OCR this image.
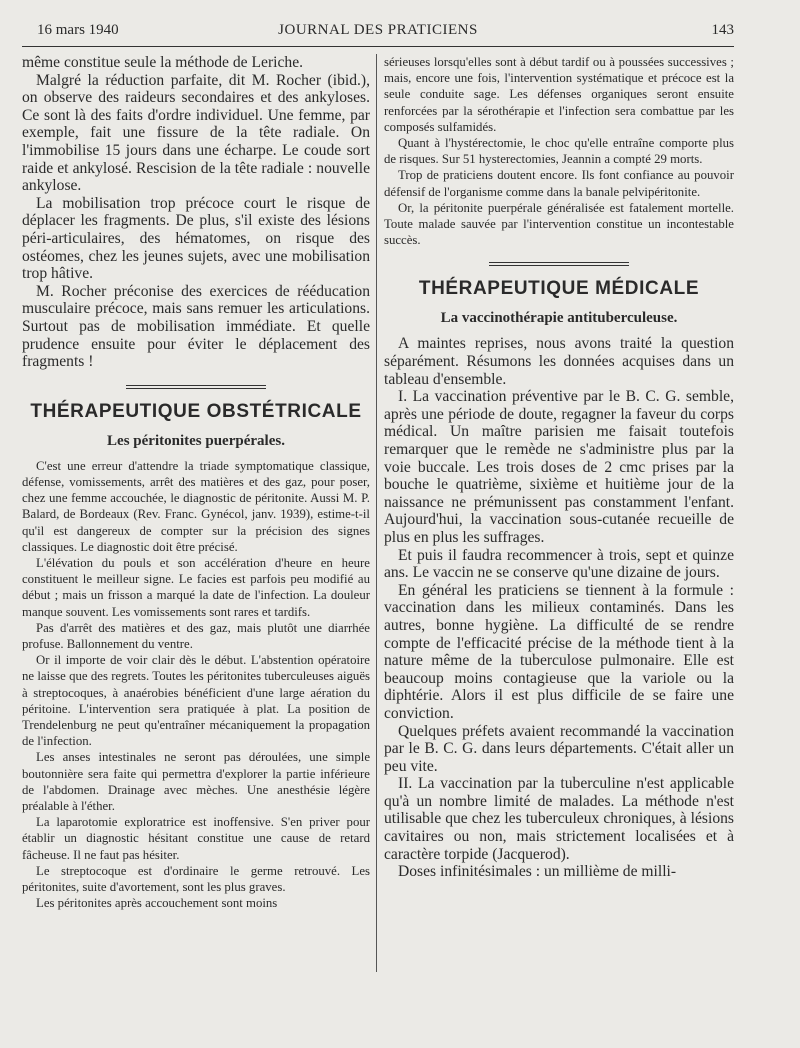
16 mars 1940	JOURNAL DES PRATICIENS	143

même constitue seule la méthode de Leriche.

Malgré la réduction parfaite, dit M. Rocher (ibid.), on observe des raideurs secondaires et des ankyloses. Ce sont là des faits d'ordre individuel. Une femme, par exemple, fait une fissure de la tête radiale. On l'immobilise 15 jours dans une écharpe. Le coude sort raide et ankylosé. Rescision de la tête radiale : nouvelle ankylose.

La mobilisation trop précoce court le risque de déplacer les fragments. De plus, s'il existe des lésions péri-articulaires, des hématomes, on risque des ostéomes, chez les jeunes sujets, avec une mobilisation trop hâtive.

M. Rocher préconise des exercices de rééducation musculaire précoce, mais sans remuer les articulations. Surtout pas de mobilisation immédiate. Et quelle prudence ensuite pour éviter le déplacement des fragments !

THÉRAPEUTIQUE OBSTÉTRICALE
Les péritonites puerpérales.

C'est une erreur d'attendre la triade symptomatique classique, défense, vomissements, arrêt des matières et des gaz, pour poser, chez une femme accouchée, le diagnostic de péritonite. Aussi M. P. Balard, de Bordeaux (Rev. Franc. Gynécol, janv. 1939), estime-t-il qu'il est dangereux de compter sur la précision des signes classiques. Le diagnostic doit être précisé.

L'élévation du pouls et son accélération d'heure en heure constituent le meilleur signe. Le facies est parfois peu modifié au début ; mais un frisson a marqué la date de l'infection. La douleur manque souvent. Les vomissements sont rares et tardifs.

Pas d'arrêt des matières et des gaz, mais plutôt une diarrhée profuse. Ballonnement du ventre.

Or il importe de voir clair dès le début. L'abstention opératoire ne laisse que des regrets. Toutes les péritonites tuberculeuses aiguës à streptocoques, à anaérobies bénéficient d'une large aération du péritoine. L'intervention sera pratiquée à plat. La position de Trendelenburg ne peut qu'entraîner mécaniquement la propagation de l'infection.

Les anses intestinales ne seront pas déroulées, une simple boutonnière sera faite qui permettra d'explorer la partie inférieure de l'abdomen. Drainage avec mèches. Une anesthésie légère préalable à l'éther.

La laparotomie exploratrice est inoffensive. S'en priver pour établir un diagnostic hésitant constitue une cause de retard fâcheuse. Il ne faut pas hésiter.

Le streptocoque est d'ordinaire le germe retrouvé. Les péritonites, suite d'avortement, sont les plus graves.

Les péritonites après accouchement sont moins

sérieuses lorsqu'elles sont à début tardif ou à poussées successives ; mais, encore une fois, l'intervention systématique et précoce est la seule conduite sage. Les défenses organiques seront ensuite renforcées par la sérothérapie et l'infection sera combattue par les composés sulfamidés.

Quant à l'hystérectomie, le choc qu'elle entraîne comporte plus de risques. Sur 51 hysterectomies, Jeannin a compté 29 morts.

Trop de praticiens doutent encore. Ils font confiance au pouvoir défensif de l'organisme comme dans la banale pelvipéritonite.

Or, la péritonite puerpérale généralisée est fatalement mortelle. Toute malade sauvée par l'intervention constitue un incontestable succès.

THÉRAPEUTIQUE MÉDICALE
La vaccinothérapie antituberculeuse.

A maintes reprises, nous avons traité la question séparément. Résumons les données acquises dans un tableau d'ensemble.

I. La vaccination préventive par le B. C. G. semble, après une période de doute, regagner la faveur du corps médical. Un maître parisien me faisait toutefois remarquer que le remède ne s'administre plus par la voie buccale. Les trois doses de 2 cmc prises par la bouche le quatrième, sixième et huitième jour de la naissance ne prémunissent pas constamment l'enfant. Aujourd'hui, la vaccination sous-cutanée recueille de plus en plus les suffrages.

Et puis il faudra recommencer à trois, sept et quinze ans. Le vaccin ne se conserve qu'une dizaine de jours.

En général les praticiens se tiennent à la formule : vaccination dans les milieux contaminés. Dans les autres, bonne hygiène. La difficulté de se rendre compte de l'efficacité précise de la méthode tient à la nature même de la tuberculose pulmonaire. Elle est beaucoup moins contagieuse que la variole ou la diphtérie. Alors il est plus difficile de se faire une conviction.

Quelques préfets avaient recommandé la vaccination par le B. C. G. dans leurs départements. C'était aller un peu vite.

II. La vaccination par la tuberculine n'est applicable qu'à un nombre limité de malades. La méthode n'est utilisable que chez les tuberculeux chroniques, à lésions cavitaires ou non, mais strictement localisées et à caractère torpide (Jacquerod).

Doses infinitésimales : un millième de milli-
